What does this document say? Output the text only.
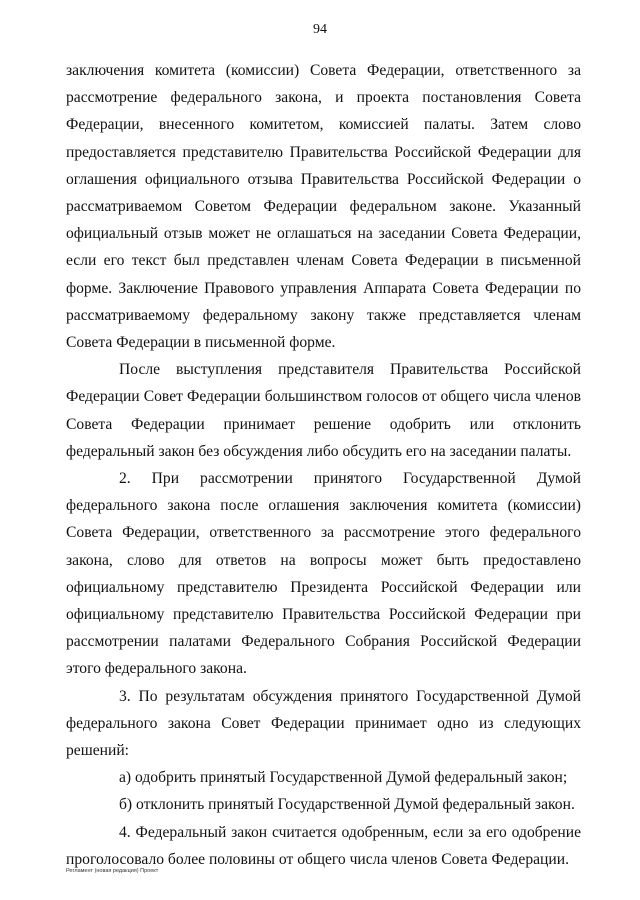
94

заключения комитета (комиссии) Совета Федерации, ответственного за рассмотрение федерального закона, и проекта постановления Совета Федерации, внесенного комитетом, комиссией палаты. Затем слово предоставляется представителю Правительства Российской Федерации для оглашения официального отзыва Правительства Российской Федерации о рассматриваемом Советом Федерации федеральном законе. Указанный официальный отзыв может не оглашаться на заседании Совета Федерации, если его текст был представлен членам Совета Федерации в письменной форме. Заключение Правового управления Аппарата Совета Федерации по рассматриваемому федеральному закону также представляется членам Совета Федерации в письменной форме.

После выступления представителя Правительства Российской Федерации Совет Федерации большинством голосов от общего числа членов Совета Федерации принимает решение одобрить или отклонить федеральный закон без обсуждения либо обсудить его на заседании палаты.

2. При рассмотрении принятого Государственной Думой федерального закона после оглашения заключения комитета (комиссии) Совета Федерации, ответственного за рассмотрение этого федерального закона, слово для ответов на вопросы может быть предоставлено официальному представителю Президента Российской Федерации или официальному представителю Правительства Российской Федерации при рассмотрении палатами Федерального Собрания Российской Федерации этого федерального закона.

3. По результатам обсуждения принятого Государственной Думой федерального закона Совет Федерации принимает одно из следующих решений:

а) одобрить принятый Государственной Думой федеральный закон;

б) отклонить принятый Государственной Думой федеральный закон.

4. Федеральный закон считается одобренным, если за его одобрение проголосовало более половины от общего числа членов Совета Федерации.

Регламент (новая редакция) Проект
